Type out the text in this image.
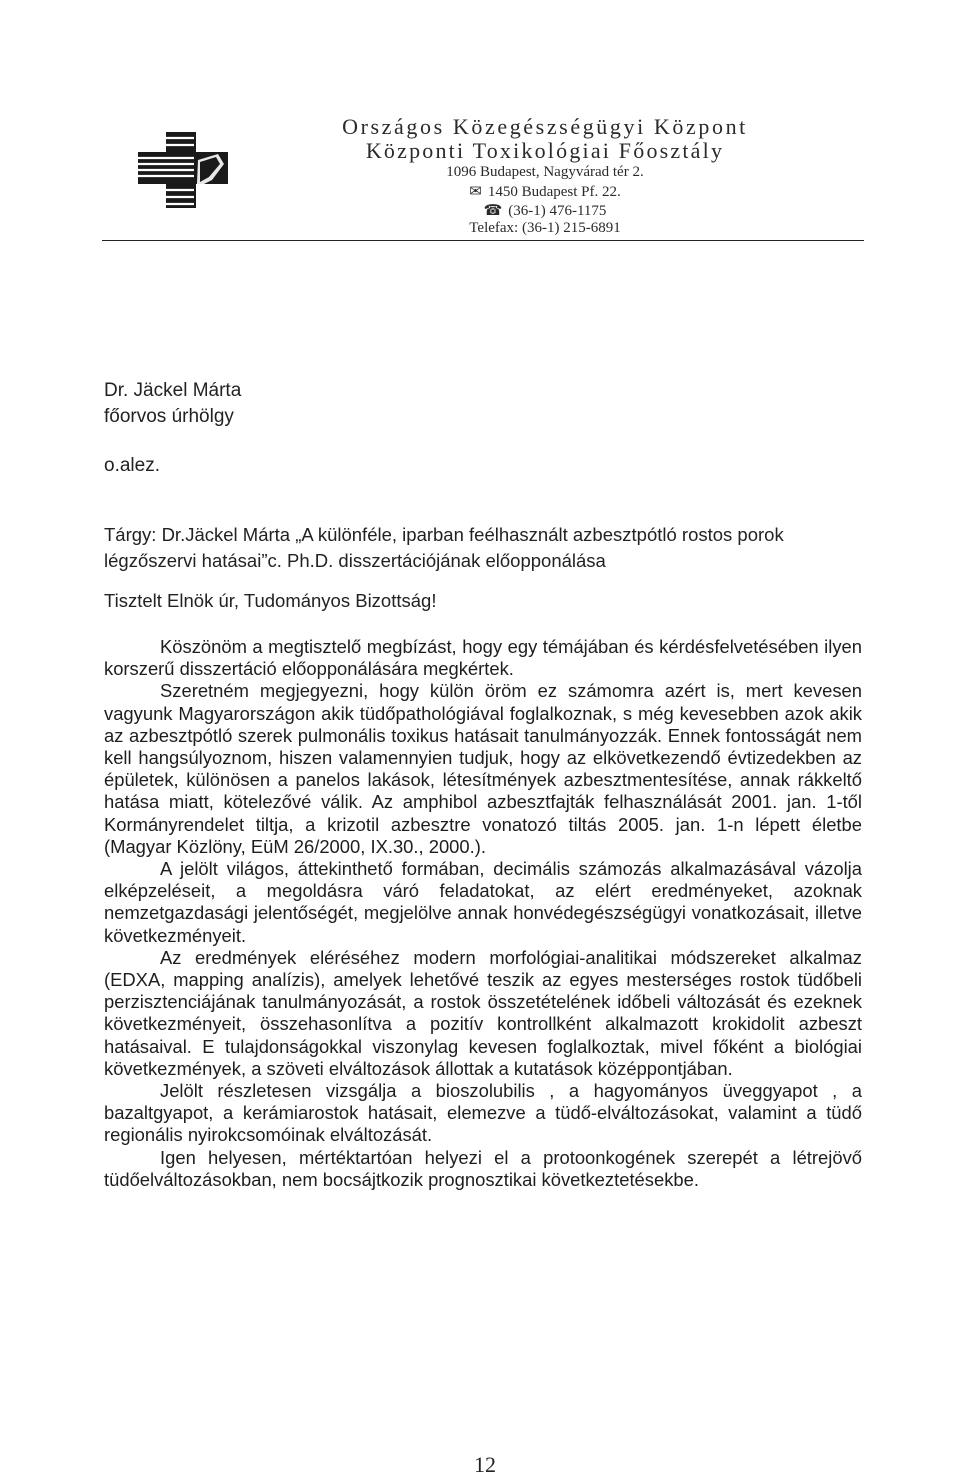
Országos Közegészségügyi Központ
Központi Toxikológiai Főosztály
1096 Budapest, Nagyvárad tér 2.
✉ 1450 Budapest Pf. 22.
☎ (36-1) 476-1175
Telefax: (36-1) 215-6891
Dr. Jäckel Márta
főorvos úrhölgy
o.alez.

Tárgy: Dr.Jäckel Márta „A különféle, iparban feélhasznált azbesztpótló rostos porok légzőszervi hatásai”c. Ph.D. disszertációjának előopponálása

Tisztelt Elnök úr, Tudományos Bizottság!

Köszönöm a megtisztelő megbízást, hogy egy témájában és kérdésfelvetésében ilyen korszerű disszertáció előopponálására megkértek.

Szeretném megjegyezni, hogy külön öröm ez számomra azért is, mert kevesen vagyunk Magyarországon akik tüdőpathológiával foglalkoznak, s még kevesebben azok akik az azbesztpótló szerek pulmonális toxikus hatásait tanulmányozzák. Ennek fontosságát nem kell hangsúlyoznom, hiszen valamennyien tudjuk, hogy az elkövetkezendő évtizedekben az épületek, különösen a panelos lakások, létesítmények azbesztmentesítése, annak rákkeltő hatása miatt, kötelezővé válik. Az amphibol azbesztfajták felhasználását 2001. jan. 1-től Kormányrendelet tiltja, a krizotil azbesztre vonatozó tiltás 2005. jan. 1-n lépett életbe (Magyar Közlöny, EüM 26/2000, IX.30., 2000.).

A jelölt világos, áttekinthető formában, decimális számozás alkalmazásával vázolja elképzeléseit, a megoldásra váró feladatokat, az elért eredményeket, azoknak nemzetgazdasági jelentőségét, megjelölve annak honvédegészségügyi vonatkozásait, illetve következményeit.

Az eredmények eléréséhez modern morfológiai-analitikai módszereket alkalmaz (EDXA, mapping analízis), amelyek lehetővé teszik az egyes mesterséges rostok tüdőbeli perzisztenciájának tanulmányozását, a rostok összetételének időbeli változását és ezeknek következményeit, összehasonlítva a pozitív kontrollként alkalmazott krokidolit azbeszt hatásaival. E tulajdonságokkal viszonylag kevesen foglalkoztak, mivel főként a biológiai következmények, a szöveti elváltozások állottak a kutatások középpontjában.

Jelölt részletesen vizsgálja a bioszolubilis , a hagyományos üveggyapot , a bazaltgyapot, a kerámiarostok hatásait, elemezve a tüdő-elváltozásokat, valamint a tüdő regionális nyirokcsomóinak elváltozását.

Igen helyesen, mértéktartóan helyezi el a protoonkogének szerepét a létrejövő tüdőelváltozásokban, nem bocsájtkozik prognosztikai következtetésekbe.

12
